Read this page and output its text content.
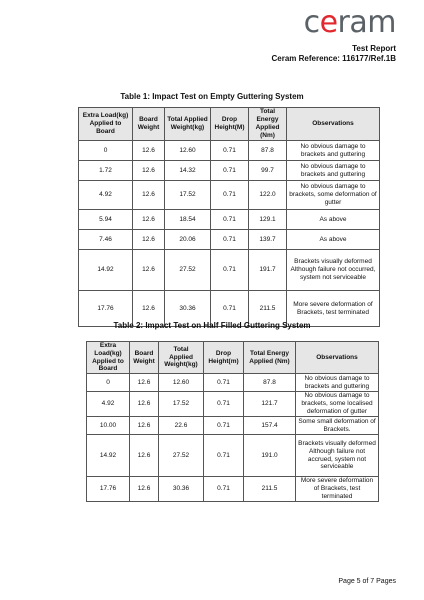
ceram
Test Report
Ceram Reference: 116177/Ref.1B
Table 1: Impact Test on Empty Guttering System
Extra Load(kg) Applied to Board	Board Weight	Total Applied Weight(kg)	Drop Height(M)	Total Energy Applied (Nm)	Observations
0	12.6	12.60	0.71	87.8	No obvious damage to brackets and guttering
1.72	12.6	14.32	0.71	99.7	No obvious damage to brackets and guttering
4.92	12.6	17.52	0.71	122.0	No obvious damage to brackets, some deformation of gutter
5.94	12.6	18.54	0.71	129.1	As above
7.46	12.6	20.06	0.71	139.7	As above
14.92	12.6	27.52	0.71	191.7	Brackets visually deformed Although failure not occurred, system not serviceable
17.76	12.6	30.36	0.71	211.5	More severe deformation of Brackets, test terminated
Table 2: Impact Test on Half Filled Guttering System
Extra Load(kg) Applied to Board	Board Weight	Total Applied Weight(kg)	Drop Height(m)	Total Energy Applied (Nm)	Observations
0	12.6	12.60	0.71	87.8	No obvious damage to brackets and guttering
4.92	12.6	17.52	0.71	121.7	No obvious damage to brackets, some localised deformation of gutter
10.00	12.6	22.6	0.71	157.4	Some small deformation of Brackets.
14.92	12.6	27.52	0.71	191.0	Brackets visually deformed Although failure not accrued, system not serviceable
17.76	12.6	30.36	0.71	211.5	More severe deformation of Brackets, test terminated
Page 5 of 7 Pages
